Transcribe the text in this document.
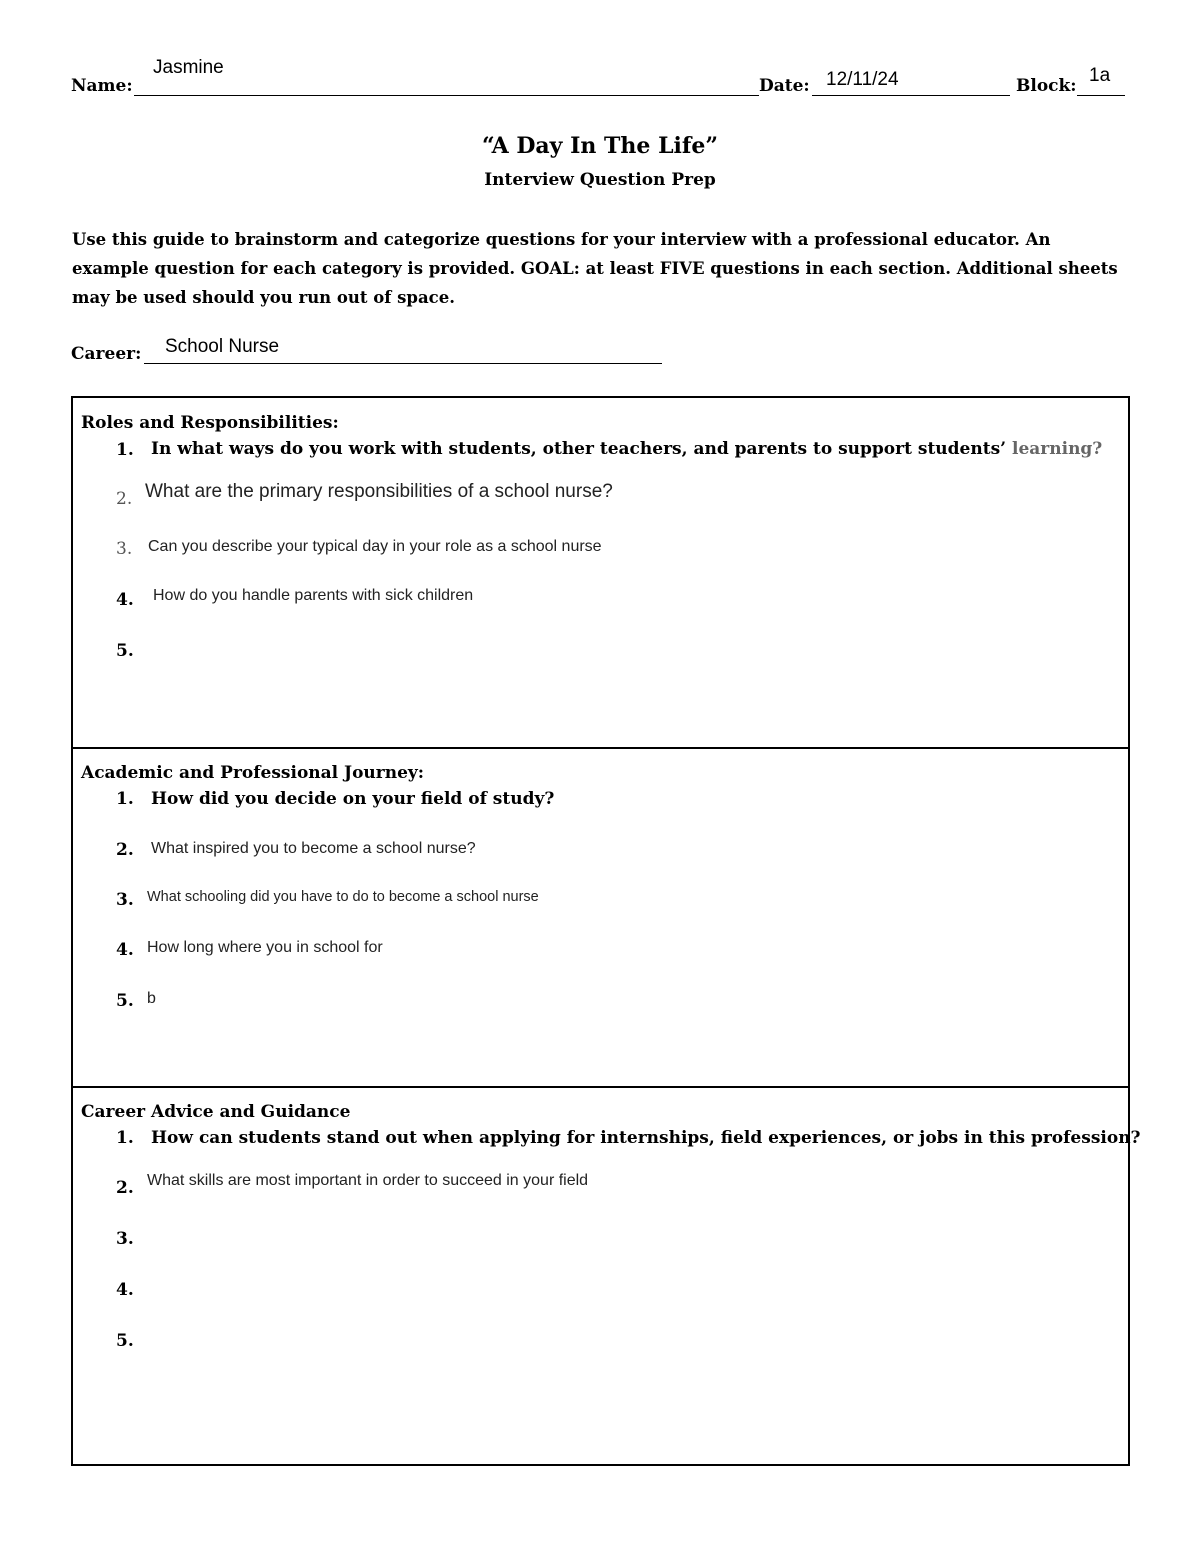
Name:
Jasmine
Date: 12/11/24	Block: 1a
“A Day In The Life”
Interview Question Prep
Use this guide to brainstorm and categorize questions for your interview with a professional educator. An example question for each category is provided. GOAL: at least FIVE questions in each section. Additional sheets may be used should you run out of space.
Career: School Nurse
Roles and Responsibilities:
1. In what ways do you work with students, other teachers, and parents to support students’ learning?
2. What are the primary responsibilities of a school nurse?
3. Can you describe your typical day in your role as a school nurse
4. How do you handle parents with sick children
5.
Academic and Professional Journey:
1. How did you decide on your field of study?
2. What inspired you to become a school nurse?
3. What schooling did you have to do to become a school nurse
4. How long where you in school for
5. b
Career Advice and Guidance
1. How can students stand out when applying for internships, field experiences, or jobs in this profession?
2. What skills are most important in order to succeed in your field
3.
4.
5.
